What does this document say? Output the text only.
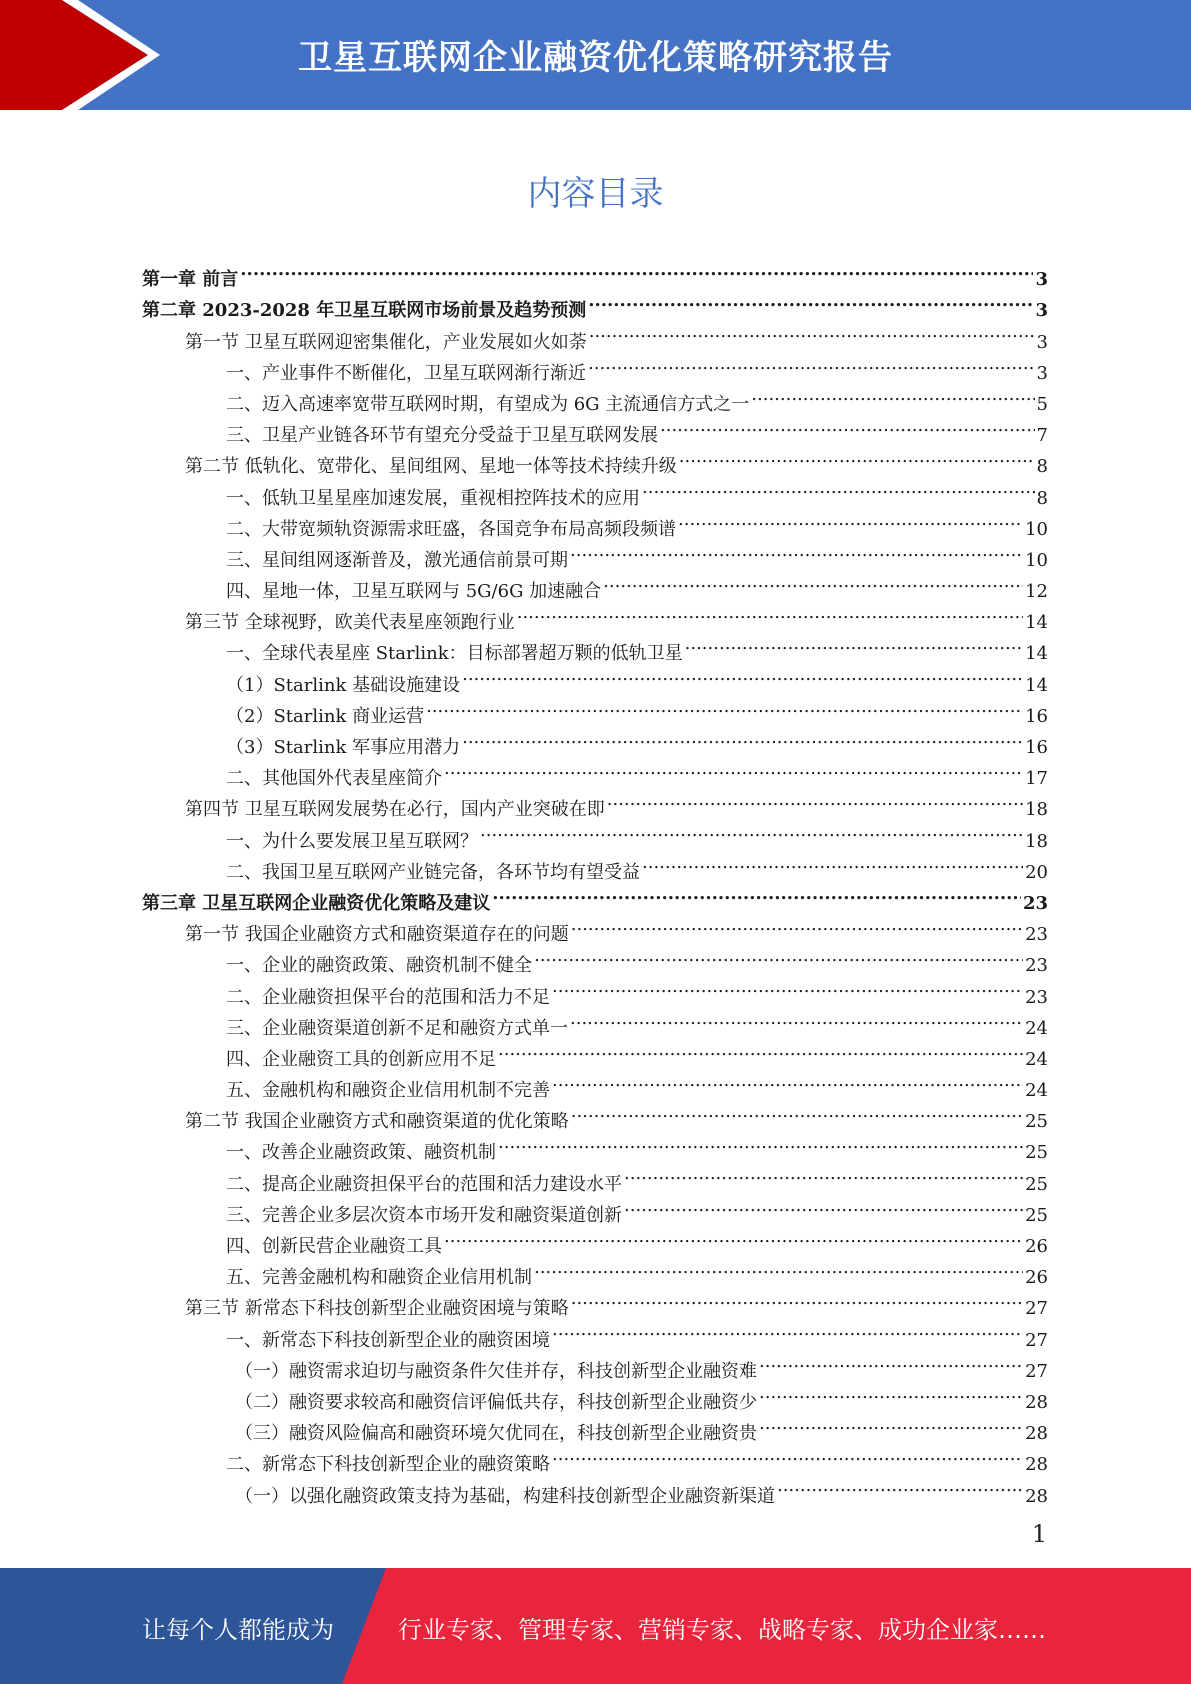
卫星互联网企业融资优化策略研究报告
内容目录
第一章 前言 .....	3
第二章 2023-2028 年卫星互联网市场前景及趋势预测 .....	3
第一节 卫星互联网迎密集催化，产业发展如火如荼 .....	3
一、产业事件不断催化，卫星互联网渐行渐近 .....	3
二、迈入高速率宽带互联网时期，有望成为 6G 主流通信方式之一 .....	5
三、卫星产业链各环节有望充分受益于卫星互联网发展 .....	7
第二节 低轨化、宽带化、星间组网、星地一体等技术持续升级 .....	8
一、低轨卫星星座加速发展，重视相控阵技术的应用 .....	8
二、大带宽频轨资源需求旺盛，各国竞争布局高频段频谱 .....	10
三、星间组网逐渐普及，激光通信前景可期 .....	10
四、星地一体，卫星互联网与 5G/6G 加速融合 .....	12
第三节 全球视野，欧美代表星座领跑行业 .....	14
一、全球代表星座 Starlink：目标部署超万颗的低轨卫星 .....	14
（1）Starlink 基础设施建设 .....	14
（2）Starlink 商业运营 .....	16
（3）Starlink 军事应用潜力 .....	16
二、其他国外代表星座简介 .....	17
第四节 卫星互联网发展势在必行，国内产业突破在即 .....	18
一、为什么要发展卫星互联网？ .....	18
二、我国卫星互联网产业链完备，各环节均有望受益 .....	20
第三章 卫星互联网企业融资优化策略及建议 .....	23
第一节 我国企业融资方式和融资渠道存在的问题 .....	23
一、企业的融资政策、融资机制不健全 .....	23
二、企业融资担保平台的范围和活力不足 .....	23
三、企业融资渠道创新不足和融资方式单一 .....	24
四、企业融资工具的创新应用不足 .....	24
五、金融机构和融资企业信用机制不完善 .....	24
第二节 我国企业融资方式和融资渠道的优化策略 .....	25
一、改善企业融资政策、融资机制 .....	25
二、提高企业融资担保平台的范围和活力建设水平 .....	25
三、完善企业多层次资本市场开发和融资渠道创新 .....	25
四、创新民营企业融资工具 .....	26
五、完善金融机构和融资企业信用机制 .....	26
第三节 新常态下科技创新型企业融资困境与策略 .....	27
一、新常态下科技创新型企业的融资困境 .....	27
（一）融资需求迫切与融资条件欠佳并存，科技创新型企业融资难 .....	27
（二）融资要求较高和融资信评偏低共存，科技创新型企业融资少 .....	28
（三）融资风险偏高和融资环境欠优同在，科技创新型企业融资贵 .....	28
二、新常态下科技创新型企业的融资策略 .....	28
（一）以强化融资政策支持为基础，构建科技创新型企业融资新渠道 .....	28
1
让每个人都能成为	行业专家、管理专家、营销专家、战略专家、成功企业家……
